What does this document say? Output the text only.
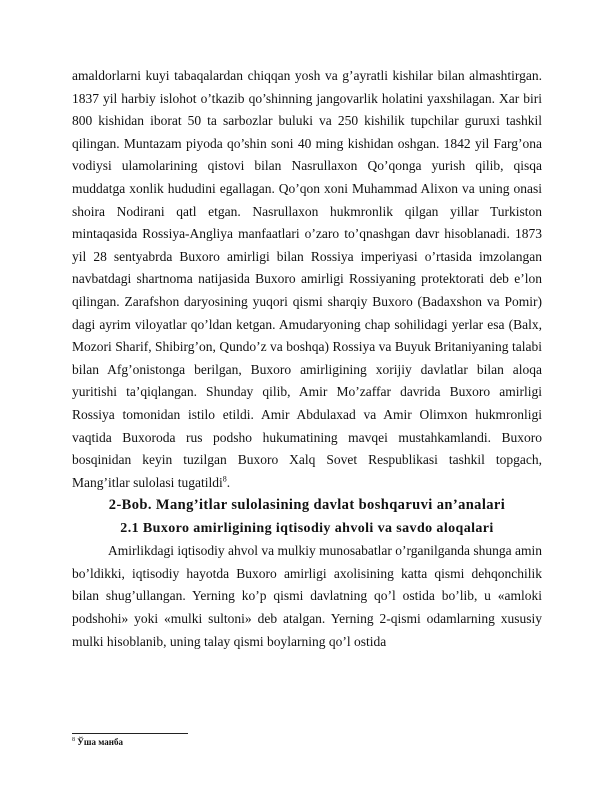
amaldorlarni kuyi tabaqalardan chiqqan yosh va g’ayratli kishilar bilan almashtirgan. 1837 yil harbiy islohot o’tkazib qo’shinning jangovarlik holatini yaxshilagan. Xar biri 800 kishidan iborat 50 ta sarbozlar buluki va 250 kishilik tupchilar guruxi tashkil qilingan. Muntazam piyoda qo’shin soni 40 ming kishidan oshgan. 1842 yil Farg’ona vodiysi ulamolarining qistovi bilan Nasrullaxon Qo’qonga yurish qilib, qisqa muddatga xonlik hududini egallagan. Qo’qon xoni Muhammad Alixon va uning onasi shoira Nodirani qatl etgan. Nasrullaxon hukmronlik qilgan yillar Turkiston mintaqasida Rossiya-Angliya manfaatlari o’zaro to’qnashgan davr hisoblanadi. 1873 yil 28 sentyabrda Buxoro amirligi bilan Rossiya imperiyasi o’rtasida imzolangan navbatdagi shartnoma natijasida Buxoro amirligi Rossiyaning protektorati deb e’lon qilingan. Zarafshon daryosining yuqori qismi sharqiy Buxoro (Badaxshon va Pomir) dagi ayrim viloyatlar qo’ldan ketgan. Amudaryoning chap sohilidagi yerlar esa (Balx, Mozori Sharif, Shibirg’on, Qundo’z va boshqa) Rossiya va Buyuk Britaniyaning talabi bilan Afg’onistonga berilgan, Buxoro amirligining xorijiy davlatlar bilan aloqa yuritishi ta’qiqlangan. Shunday qilib, Amir Mo’zaffar davrida Buxoro amirligi Rossiya tomonidan istilo etildi. Amir Abdulaxad va Amir Olimxon hukmronligi vaqtida Buxoroda rus podsho hukumatining mavqei mustahkamlandi. Buxoro bosqinidan keyin tuzilgan Buxoro Xalq Sovet Respublikasi tashkil topgach, Mang’itlar sulolasi tugatildi$^8$.

2-Bob. Mang’itlar sulolasining davlat boshqaruvi an’analari

2.1 Buxoro amirligining iqtisodiy ahvoli va savdo aloqalari

Amirlikdagi iqtisodiy ahvol va mulkiy munosabatlar o’rganilganda shunga amin bo’ldikki, iqtisodiy hayotda Buxoro amirligi axolisining katta qismi dehqonchilik bilan shug’ullangan. Yerning ko’p qismi davlatning qo’l ostida bo’lib, u «amloki podshohi» yoki «mulki sultoni» deb atalgan. Yerning 2-qismi odamlarning xususiy mulki hisoblanib, uning talay qismi boylarning qo’l ostida

$^8$ Ўша манба
